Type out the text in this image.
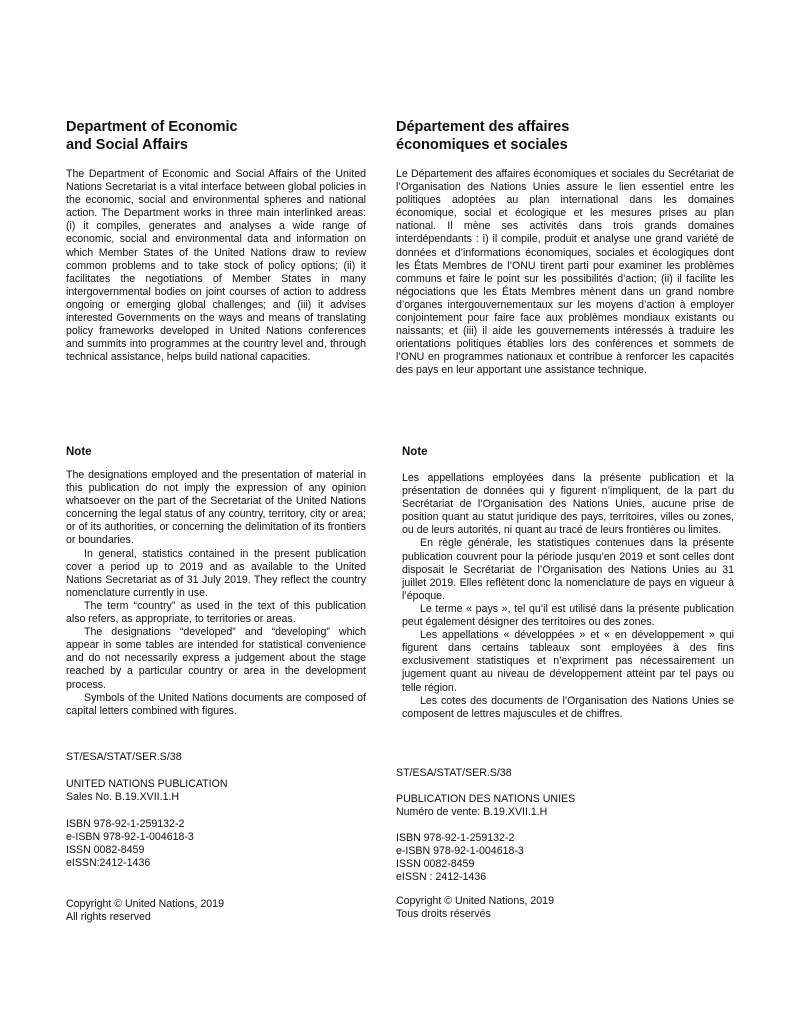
Department of Economic
and Social Affairs

The Department of Economic and Social Affairs of the United Nations Secretariat is a vital interface between global policies in the economic, social and environmental spheres and national action. The Department works in three main interlinked areas: (i) it compiles, generates and analyses a wide range of economic, social and environmental data and information on which Member States of the United Nations draw to review common problems and to take stock of policy options; (ii) it facilitates the negotiations of Member States in many intergovernmental bodies on joint courses of action to address ongoing or emerging global challenges; and (iii) it advises interested Governments on the ways and means of translating policy frameworks developed in United Nations conferences and summits into programmes at the country level and, through technical assistance, helps build national capacities.

Note

The designations employed and the presentation of material in this publication do not imply the expression of any opinion whatsoever on the part of the Secretariat of the United Nations concerning the legal status of any country, territory, city or area; or of its authorities, or concerning the delimitation of its frontiers or boundaries.

In general, statistics contained in the present publication cover a period up to 2019 and as available to the United Nations Secretariat as of 31 July 2019. They reflect the country nomenclature currently in use.

The term “country” as used in the text of this publication also refers, as appropriate, to territories or areas.

The designations “developed” and “developing” which appear in some tables are intended for statistical convenience and do not necessarily express a judgement about the stage reached by a particular country or area in the development process.

Symbols of the United Nations documents are composed of capital letters combined with figures.

ST/ESA/STAT/SER.S/38
UNITED NATIONS PUBLICATION
Sales No. B.19.XVII.1.H
ISBN 978-92-1-259132-2
e-ISBN 978-92-1-004618-3
ISSN 0082-8459
eISSN:2412-1436
Copyright © United Nations, 2019
All rights reserved
Département des affaires
économiques et sociales

Le Département des affaires économiques et sociales du Secrétariat de l’Organisation des Nations Unies assure le lien essentiel entre les politiques adoptées au plan international dans les domaines économique, social et écologique et les mesures prises au plan national. Il mène ses activités dans trois grands domaines interdépendants : i) il compile, produit et analyse une grand variété de données et d’informations économiques, sociales et écologiques dont les États Membres de l’ONU tirent parti pour examiner les problèmes communs et faire le point sur les possibilités d’action; (ii) il facilite les négociations que les États Membres mènent dans un grand nombre d’organes intergouvernementaux sur les moyens d’action à employer conjointement pour faire face aux problèmes mondiaux existants ou naissants; et (iii) il aide les gouvernements intéressés à traduire les orientations politiques établies lors des conférences et sommets de l’ONU en programmes nationaux et contribue à renforcer les capacités des pays en leur apportant une assistance technique.

Note

Les appellations employées dans la présente publication et la présentation de données qui y figurent n’impliquent, de la part du Secrétariat de l’Organisation des Nations Unies, aucune prise de position quant au statut juridique des pays, territoires, villes ou zones, ou de leurs autorités, ni quant au tracé de leurs frontières ou limites.

En règle générale, les statistiques contenues dans la présente publication couvrent pour la période jusqu’en 2019 et sont celles dont disposait le Secrétariat de l’Organisation des Nations Unies au 31 juillet 2019. Elles reflètent donc la nomenclature de pays en vigueur à l’époque.

Le terme « pays », tel qu’il est utilisé dans la présente publication peut également désigner des territoires ou des zones.

Les appellations « développées » et « en développement » qui figurent dans certains tableaux sont employées à des fins exclusivement statistiques et n’expriment pas nécessairement un jugement quant au niveau de développement atteint par tel pays ou telle région.

Les cotes des documents de l’Organisation des Nations Unies se composent de lettres majuscules et de chiffres.

ST/ESA/STAT/SER.S/38
PUBLICATION DES NATIONS UNIES
Numéro de vente: B.19.XVII.1.H
ISBN 978-92-1-259132-2
e-ISBN 978-92-1-004618-3
ISSN 0082-8459
eISSN : 2412-1436
Copyright © United Nations, 2019
Tous droits réservés
